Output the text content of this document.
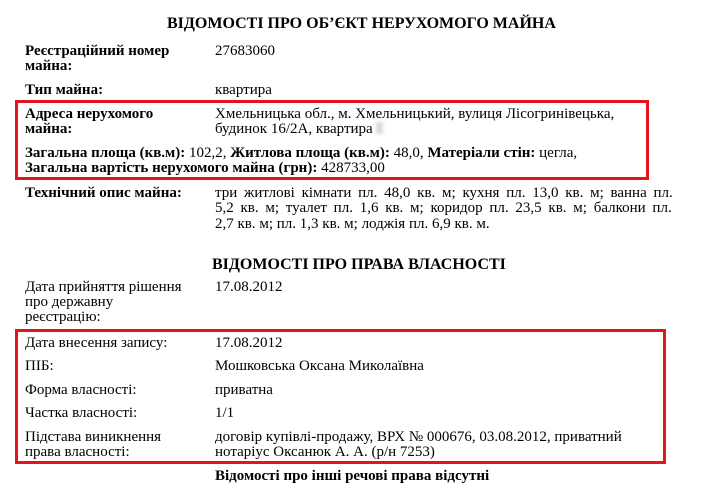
ВІДОМОСТІ ПРО ОБ’ЄКТ НЕРУХОМОГО МАЙНА
Реєстраційний номер
майна:
27683060
Тип майна:	квартира
Адреса нерухомого
майна:
Хмельницька обл., м. Хмельницький, вулиця Лісогринівецька,
будинок 16/2А, квартира
Загальна площа (кв.м): 102,2, Житлова площа (кв.м): 48,0, Матеріали стін: цегла,
Загальна вартість нерухомого майна (грн): 428733,00
Технічний опис майна: три житлові кімнати пл. 48,0 кв. м; кухня пл. 13,0 кв. м; ванна пл.
5,2 кв. м; туалет пл. 1,6 кв. м; коридор пл. 23,5 кв. м; балкони пл.
2,7 кв. м; пл. 1,3 кв. м; лоджія пл. 6,9 кв. м.
ВІДОМОСТІ ПРО ПРАВА ВЛАСНОСТІ
Дата прийняття рішення
про державну
реєстрацію:
17.08.2012
Дата внесення запису:	17.08.2012
ПІБ:	Мошковська Оксана Миколаївна
Форма власності:	приватна
Частка власності:	1/1
Підстава виникнення
права власності:
договір купівлі-продажу, ВРХ № 000676, 03.08.2012, приватний
нотаріус Оксанюк А. А. (р/н 7253)
Відомості про інші речові права відсутні
